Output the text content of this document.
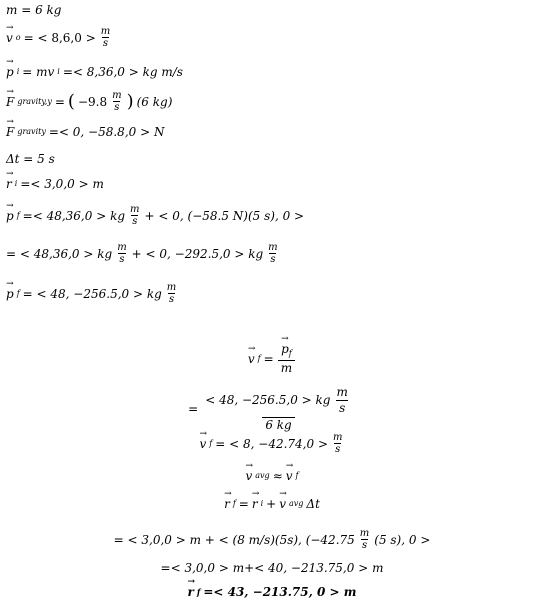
m = 6 kg
→ v o = < $8,6,0 > \frac{m}{s}$
→ p i = mv i =< 8,36,0 > kg m/s
→ F gravity,y = ( $-9.8 \frac{m}{s}$ ) (6 kg)
→ F gravity =< 0, −58.8,0 > N
Δt = 5 s
→ r i =< 3,0,0 > m
→ p f =< 48,36,0 > kg $\frac{m}{s}$ + < 0, (−58.5 N)(5 s), 0 >
= < 48,36,0 > kg $\frac{m}{s}$ + < 0, −292.5,0 > kg $\frac{m}{s}$
→ p f = < 48, −256.5,0 > kg $\frac{m}{s}$
→ v f = → $\frac{p_f}{m}$
= $\frac{< 48, -256.5,0 > kg \frac{m}{s}}{6 kg}$
→ v f = < 8, $-42.74,0 > \frac{m}{s}$
→ v avg ≈ → v f
→ r f = → r i + → v avg Δt
= < 3,0,0 > m + < (8 m/s)(5s), ($-42.75 \frac{m}{s} (5$ s), 0 >
=< 3,0,0 > m+< 40, −213.75,0 > m
→ r f =< 43, −213.75, 0 > m
